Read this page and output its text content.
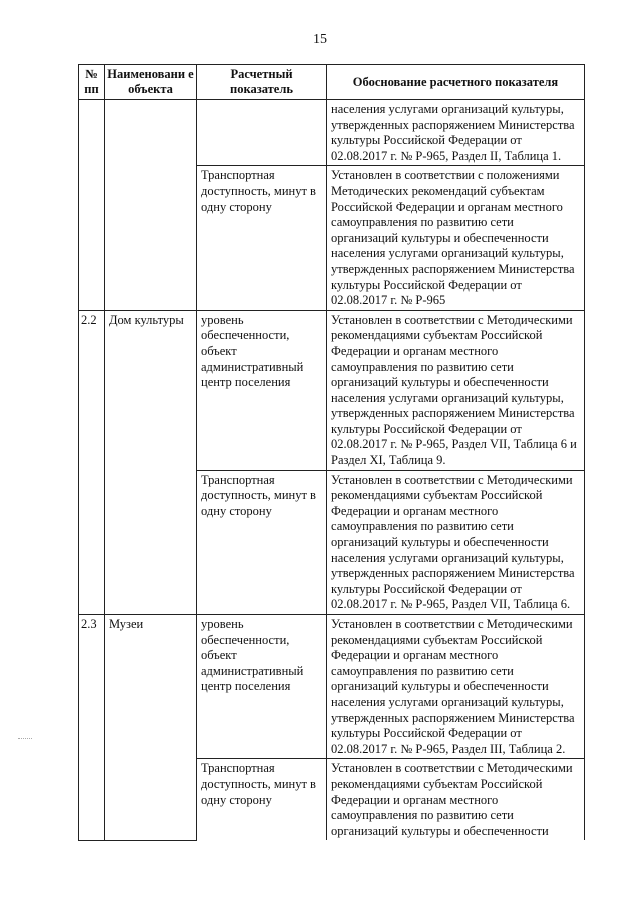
15
№ пп	Наименовани е объекта	Расчетный показатель	Обоснование расчетного показателя

			населения услугами организаций культуры, утвержденных распоряжением Министерства культуры Российской Федерации от 02.08.2017 г. № Р-965, Раздел II, Таблица 1.

		Транспортная доступность, минут в одну сторону	Установлен в соответствии с положениями Методических рекомендаций субъектам Российской Федерации и органам местного самоуправления по развитию сети организаций культуры и обеспеченности населения услугами организаций культуры, утвержденных распоряжением Министерства культуры Российской Федерации от 02.08.2017 г. № Р-965

2.2	Дом культуры	уровень обеспеченности, объект административный центр поселения	Установлен в соответствии с Методическими рекомендациями субъектам Российской Федерации и органам местного самоуправления по развитию сети организаций культуры и обеспеченности населения услугами организаций культуры, утвержденных распоряжением Министерства культуры Российской Федерации от 02.08.2017 г. № Р-965, Раздел VII, Таблица 6 и Раздел XI, Таблица 9.

		Транспортная доступность, минут в одну сторону	Установлен в соответствии с Методическими рекомендациями субъектам Российской Федерации и органам местного самоуправления по развитию сети организаций культуры и обеспеченности населения услугами организаций культуры, утвержденных распоряжением Министерства культуры Российской Федерации от 02.08.2017 г. № Р-965, Раздел VII, Таблица 6.

2.3	Музеи	уровень обеспеченности, объект административный центр поселения	Установлен в соответствии с Методическими рекомендациями субъектам Российской Федерации и органам местного самоуправления по развитию сети организаций культуры и обеспеченности населения услугами организаций культуры, утвержденных распоряжением Министерства культуры Российской Федерации от 02.08.2017 г. № Р-965, Раздел III, Таблица 2.

		Транспортная доступность, минут в одну сторону	Установлен в соответствии с Методическими рекомендациями субъектам Российской Федерации и органам местного самоуправления по развитию сети организаций культуры и обеспеченности
